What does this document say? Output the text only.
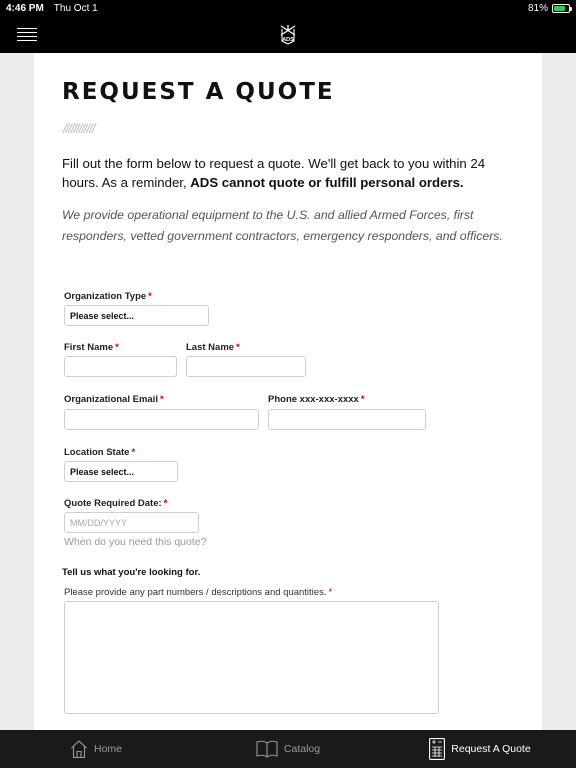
4:46 PM Thu Oct 1	81%
ADS
REQUEST A QUOTE
////////////

Fill out the form below to request a quote. We'll get back to you within 24 hours. As a reminder, ADS cannot quote or fulfill personal orders.

We provide operational equipment to the U.S. and allied Armed Forces, first responders, vetted government contractors, emergency responders, and officers.

Organization Type *
Please select...
First Name *	Last Name *
Organizational Email *	Phone xxx-xxx-xxxx *
Location State *
Please select...
Quote Required Date: *
MM/DD/YYYY
When do you need this quote?
Tell us what you're looking for.
Please provide any part numbers / descriptions and quantities. *
Home	Catalog	Request A Quote
